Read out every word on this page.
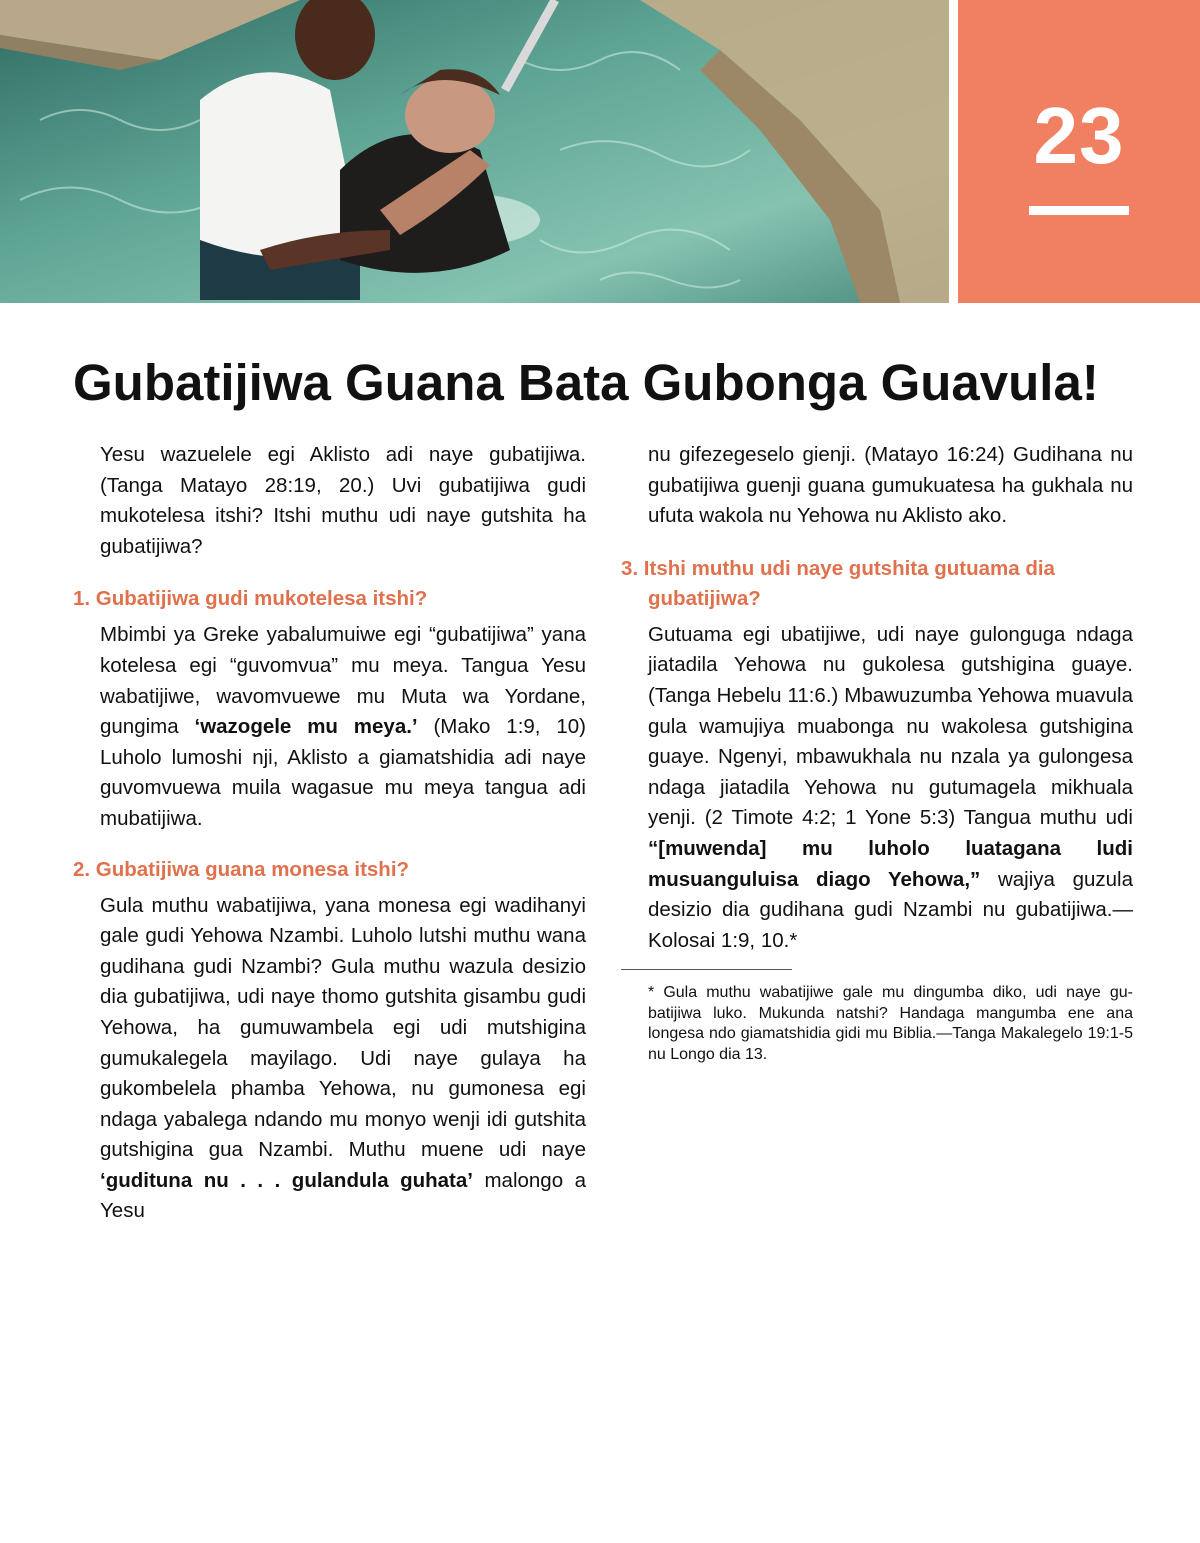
23
Gubatijiwa Guana Bata Gubonga Guavula!

Yesu wazuelele egi Aklisto adi naye gubatijiwa. (Tanga Matayo 28:19, 20.) Uvi gubatijiwa gudi mukotelesa itshi? Itshi muthu udi naye gutshita ha gubatijiwa?

1. Gubatijiwa gudi mukotelesa itshi?

Mbimbi ya Greke yabalumuiwe egi “gubatijiwa” yana kotelesa egi “guvomvua” mu meya. Tangua Yesu wabatijiwe, wavomvuewe mu Muta wa Yordane, gungima ‘wazogele mu meya.’ (Mako 1:9, 10) Luholo lumoshi nji, Aklisto a giamatshidia adi naye guvomvuewa muila wagasue mu meya tangua adi mubatijiwa.

2. Gubatijiwa guana monesa itshi?

Gula muthu wabatijiwa, yana monesa egi wadihanyi gale gudi Yehowa Nzambi. Luholo lutshi muthu wana gudihana gudi Nzambi? Gula muthu wazula desizio dia gubatijiwa, udi naye thomo gutshita gisambu gudi Yehowa, ha gumuwambela egi udi mutshigina gumukalegela mayilago. Udi naye gulaya ha gukombelela phamba Yehowa, nu gumonesa egi ndaga yabalega ndando mu monyo wenji idi gutshita gutshigina gua Nzambi. Muthu muene udi naye ‘gudituna nu . . . gulandula guhata’ malongo a Yesu

nu gifezegeselo gienji. (Matayo 16:24) Gudihana nu gubatijiwa guenji guana gumukuatesa ha gukhala nu ufuta wakola nu Yehowa nu Aklisto ako.

3. Itshi muthu udi naye gutshita gutuama dia gubatijiwa?

Gutuama egi ubatijiwe, udi naye gulonguga ndaga jiatadila Yehowa nu gukolesa gutshigina guaye. (Tanga Hebelu 11:6.) Mbawuzumba Yehowa muavula gula wamujiya muabonga nu wakolesa gutshigina guaye. Ngenyi, mbawukhala nu nzala ya gulongesa ndaga jiatadila Yehowa nu gutumagela mikhuala yenji. (2 Timote 4:2; 1 Yone 5:3) Tangua muthu udi “[muwenda] mu luholo luatagana ludi musuanguluisa diago Yehowa,” wajiya guzula desizio dia gudihana gudi Nzambi nu gubatijiwa.—Kolosai 1:9, 10.*

* Gula muthu wabatijiwe gale mu dingumba diko, udi naye gubatijiwa luko. Mukunda natshi? Handaga mangumba ene ana longesa ndo giamatshidia gidi mu Biblia.—Tanga Makalegelo 19:1-5 nu Longo dia 13.
